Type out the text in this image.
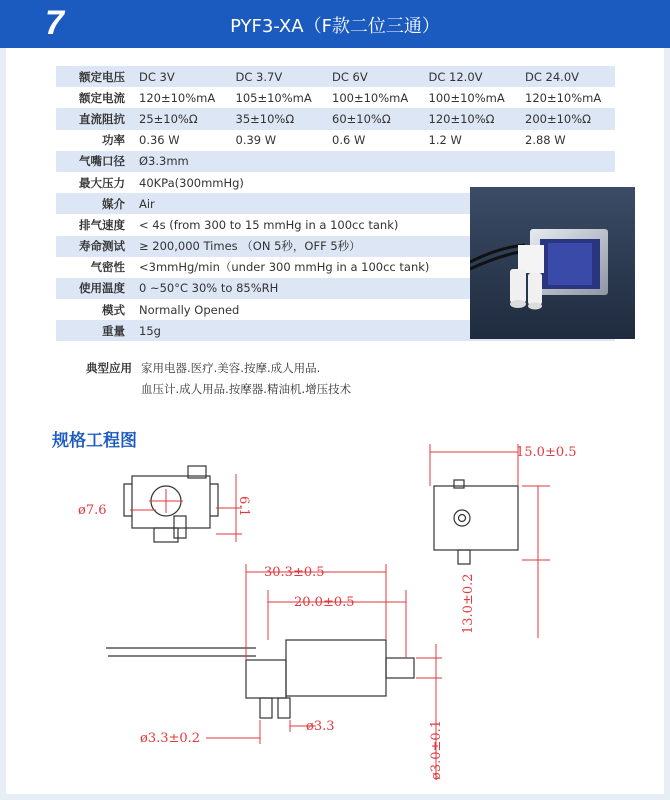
7	PYF3-XA（F款二位三通）
额定电压	DC 3V	DC 3.7V	DC 6V	DC 12.0V	DC 24.0V
额定电流	120±10%mA	105±10%mA	100±10%mA	100±10%mA	120±10%mA
直流阻抗	25±10%Ω	35±10%Ω	60±10%Ω	120±10%Ω	200±10%Ω
功率	0.36 W	0.39 W	0.6 W	1.2 W	2.88 W
气嘴口径	Ø3.3mm				
最大压力	40KPa(300mmHg)				
媒介	Air				
排气速度	< 4s (from 300 to 15 mmHg in a 100cc tank)				
寿命测试	≥ 200,000 Times （ON 5秒，OFF 5秒）				
气密性	<3mmHg/min（under 300 mmHg in a 100cc tank)				
使用温度	0 ~50°C 30% to 85%RH				
模式	Normally Opened				
重量	15g				
典型应用 家用电器.医疗.美容.按摩.成人用品.
血压计.成人用品.按摩器.精油机.增压技术
规格工程图
ø7.6	6.1
15.0±0.5
13.0±0.2
30.3±0.5
20.0±0.5
ø3.3
ø3.3±0.2	ø3.0±0.1
